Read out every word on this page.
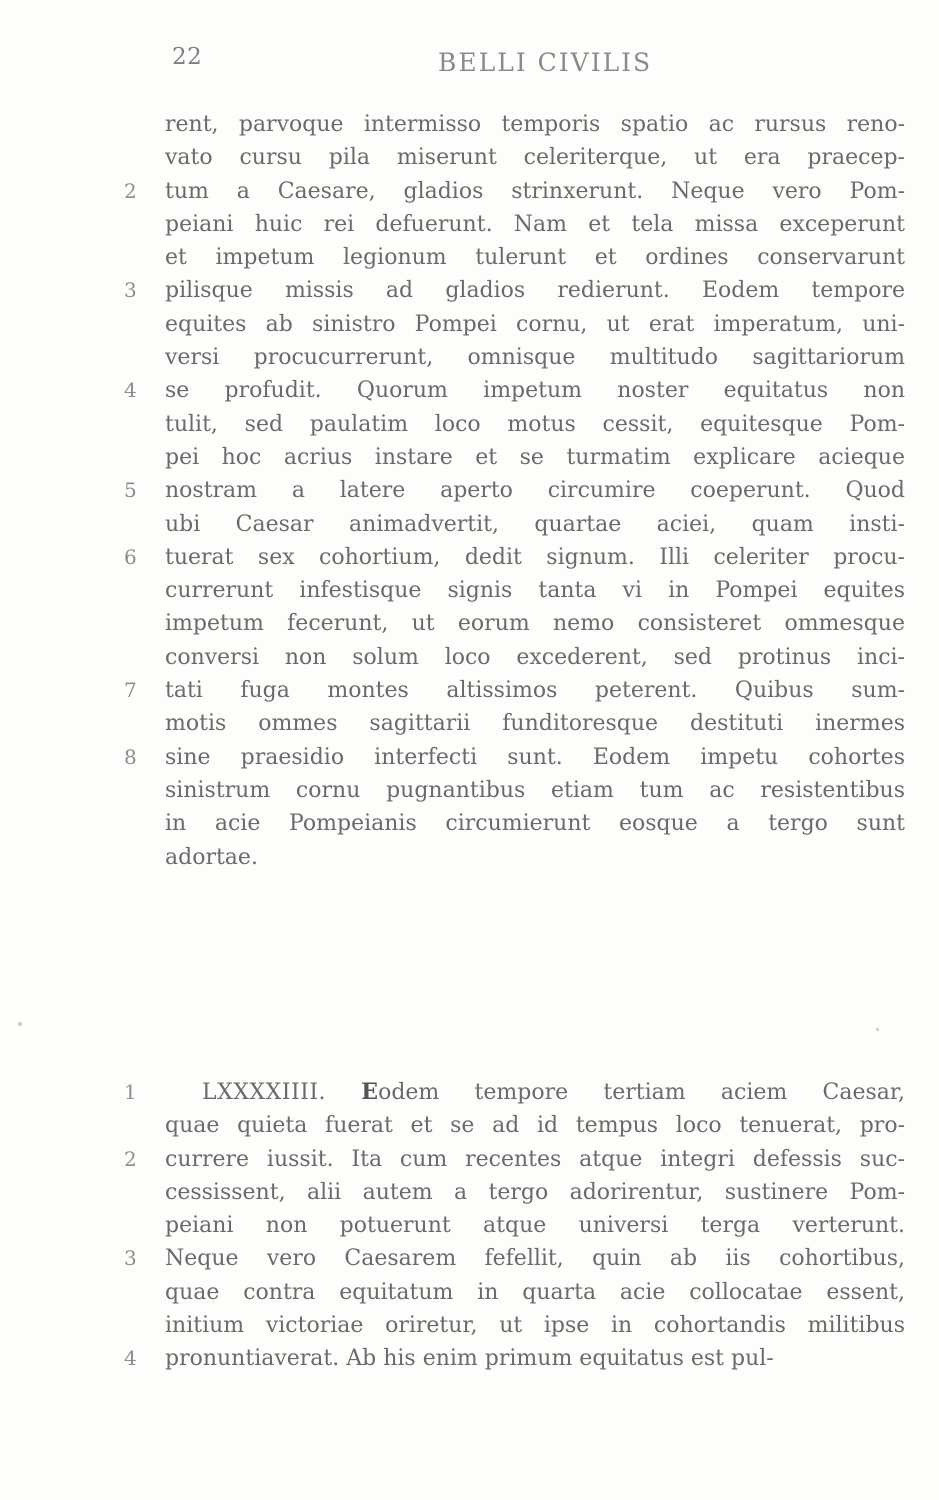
22	BELLI CIVILIS
rent, parvoque intermisso temporis spatio ac rursus reno-
vato cursu pila miserunt celeriterque, ut era praecep-
2 tum a Caesare, gladios strinxerunt. Neque vero Pom-
peiani huic rei defuerunt. Nam et tela missa exceperunt
et impetum legionum tulerunt et ordines conservarunt
3 pilisque missis ad gladios redierunt. Eodem tempore
equites ab sinistro Pompei cornu, ut erat imperatum, uni-
versi procucurrerunt, omnisque multitudo sagittariorum
4 se profudit. Quorum impetum noster equitatus non
tulit, sed paulatim loco motus cessit, equitesque Pom-
pei hoc acrius instare et se turmatim explicare acieque
5 nostram a latere aperto circumire coeperunt. Quod
ubi Caesar animadvertit, quartae aciei, quam insti-
6 tuerat sex cohortium, dedit signum. Illi celeriter procu-
currerunt infestisque signis tanta vi in Pompei equites
impetum fecerunt, ut eorum nemo consisteret ommesque
conversi non solum loco excederent, sed protinus inci-
7 tati fuga montes altissimos peterent. Quibus sum-
motis ommes sagittarii funditoresque destituti inermes
8 sine praesidio interfecti sunt. Eodem impetu cohortes
sinistrum cornu pugnantibus etiam tum ac resistentibus
in acie Pompeianis circumierunt eosque a tergo sunt
adortae.
1	LXXXXIIII. Eodem tempore tertiam aciem Caesar,
quae quieta fuerat et se ad id tempus loco tenuerat, pro-
2 currere iussit. Ita cum recentes atque integri defessis suc-
cessissent, alii autem a tergo adorirentur, sustinere Pom-
peiani non potuerunt atque universi terga verterunt.
3 Neque vero Caesarem fefellit, quin ab iis cohortibus,
quae contra equitatum in quarta acie collocatae essent,
initium victoriae oriretur, ut ipse in cohortandis militibus
4 pronuntiaverat. Ab his enim primum equitatus est pul-
